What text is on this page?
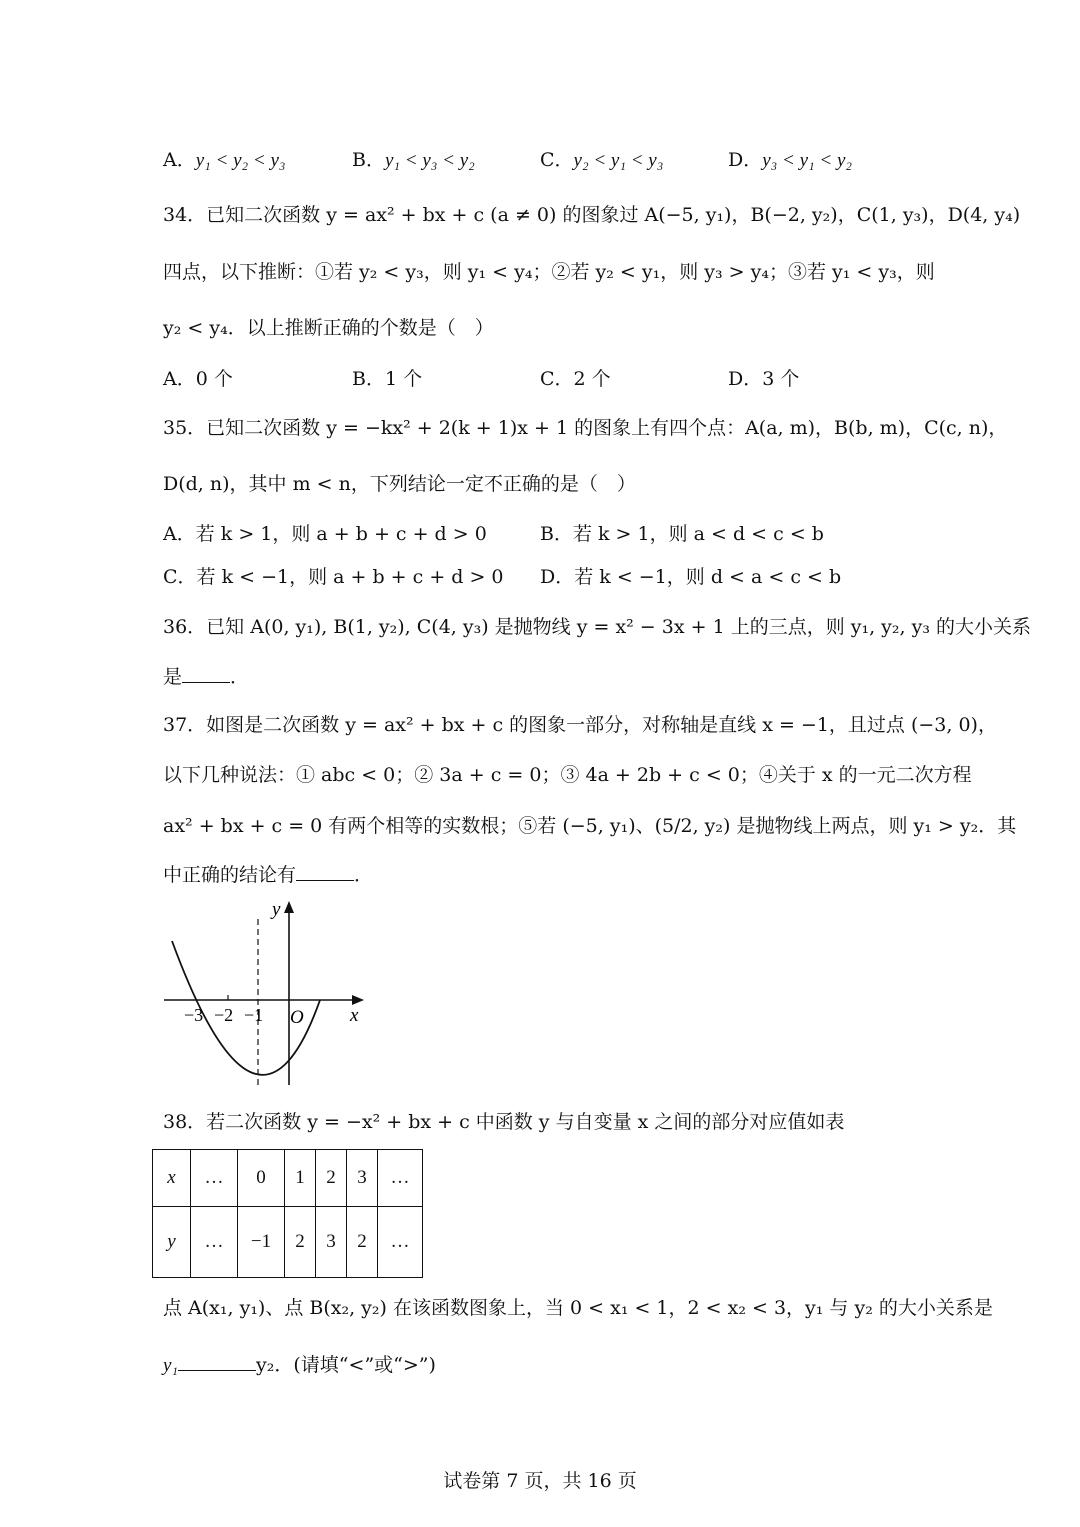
A．y₁ < y₂ < y₃	B．y₁ < y₃ < y₂	C．y₂ < y₁ < y₃	D．y₃ < y₁ < y₂
34．已知二次函数 y = ax² + bx + c (a ≠ 0) 的图象过 A(−5, y₁)，B(−2, y₂)，C(1, y₃)，D(4, y₄)
四点，以下推断：①若 y₂ < y₃，则 y₁ < y₄；②若 y₂ < y₁，则 y₃ > y₄；③若 y₁ < y₃，则
y₂ < y₄．以上推断正确的个数是（　）
A．0 个	B．1 个	C．2 个	D．3 个
35．已知二次函数 y = −kx² + 2(k + 1)x + 1 的图象上有四个点：A(a, m)，B(b, m)，C(c, n)，
D(d, n)，其中 m < n，下列结论一定不正确的是（　）
A．若 k > 1，则 a + b + c + d > 0	B．若 k > 1，则 a < d < c < b
C．若 k < −1，则 a + b + c + d > 0 D．若 k < −1，则 d < a < c < b
36．已知 A(0, y₁), B(1, y₂), C(4, y₃) 是抛物线 y = x² − 3x + 1 上的三点，则 y₁, y₂, y₃ 的大小关系
是	．
37．如图是二次函数 y = ax² + bx + c 的图象一部分，对称轴是直线 x = −1，且过点 (−3, 0)，
以下几种说法：① abc < 0；② 3a + c = 0；③ 4a + 2b + c < 0；④关于 x 的一元二次方程
ax² + bx + c = 0 有两个相等的实数根；⑤若 (−5, y₁)、(5/2, y₂) 是抛物线上两点，则 y₁ > y₂．其
中正确的结论有	．
y
x
O
−3 −2 −1
38．若二次函数 y = −x² + bx + c 中函数 y 与自变量 x 之间的部分对应值如表
x	…	0	1	2	3	…
y	…	−1	2	3	2	…
点 A(x₁, y₁)、点 B(x₂, y₂) 在该函数图象上，当 0 < x₁ < 1，2 < x₂ < 3，y₁ 与 y₂ 的大小关系是
y₁	y₂．(请填“<”或“>”)
试卷第 7 页，共 16 页
